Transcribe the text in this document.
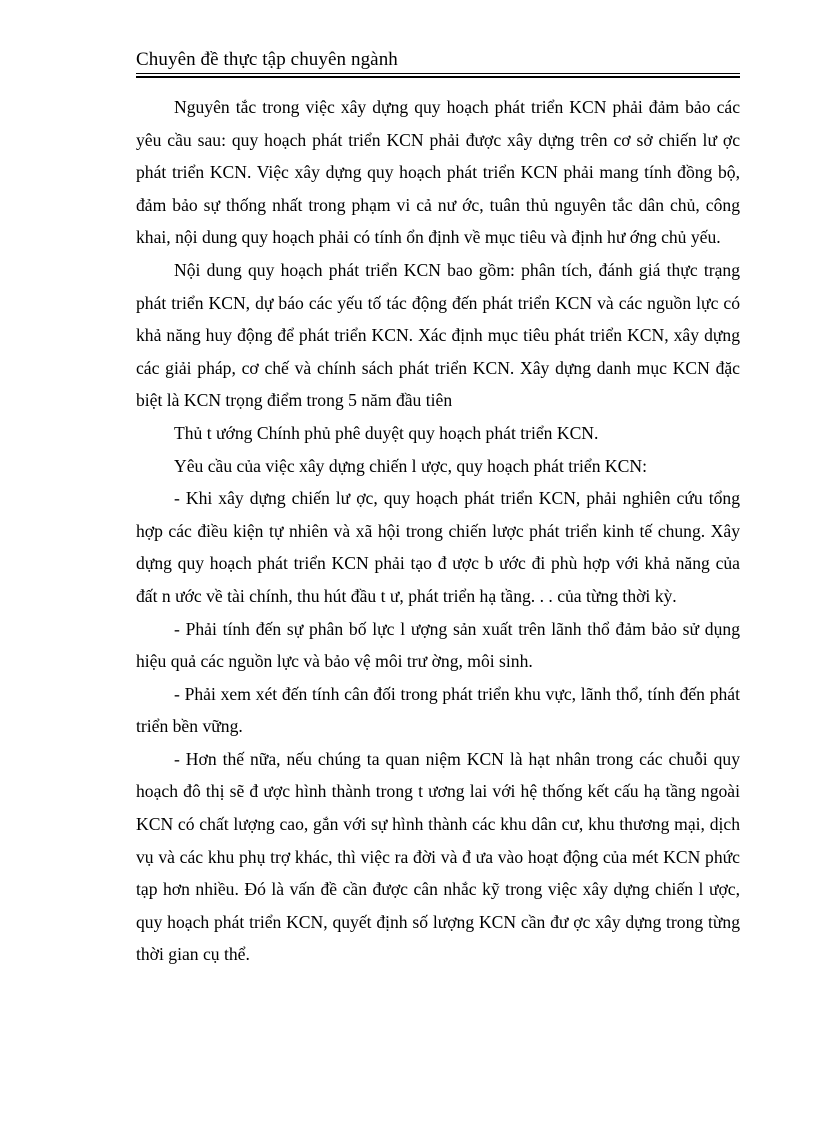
Chuyên đề thực tập chuyên ngành

Nguyên tắc trong việc xây dựng quy hoạch phát triển KCN phải đảm bảo các yêu cầu sau: quy hoạch phát triển KCN phải được xây dựng trên cơ sở chiến lư ợc phát triển KCN. Việc xây dựng quy hoạch phát triển KCN phải mang tính đồng bộ, đảm bảo sự thống nhất trong phạm vi cả nư ớc, tuân thủ nguyên tắc dân chủ, công khai, nội dung quy hoạch phải có tính ổn định về mục tiêu và định hư ớng chủ yếu.

Nội dung quy hoạch phát triển KCN bao gồm: phân tích, đánh giá thực trạng phát triển KCN, dự báo các yếu tố tác động đến phát triển KCN và các nguồn lực có khả năng huy động để phát triển KCN. Xác định mục tiêu phát triển KCN, xây dựng các giải pháp, cơ chế và chính sách phát triển KCN. Xây dựng danh mục KCN đặc biệt là KCN trọng điểm trong 5 năm đầu tiên

Thủ t ướng Chính phủ phê duyệt quy hoạch phát triển KCN.

Yêu cầu của việc xây dựng chiến l ược, quy hoạch phát triển KCN:

- Khi xây dựng chiến lư ợc, quy hoạch phát triển KCN, phải nghiên cứu tổng hợp các điều kiện tự nhiên và xã hội trong chiến lược phát triển kinh tế chung. Xây dựng quy hoạch phát triển KCN phải tạo đ ược b ước đi phù hợp với khả năng của đất n ước về tài chính, thu hút đầu t ư, phát triển hạ tầng. . . của từng thời kỳ.

- Phải tính đến sự phân bố lực l ượng sản xuất trên lãnh thổ đảm bảo sử dụng hiệu quả các nguồn lực và bảo vệ môi trư ờng, môi sinh.

- Phải xem xét đến tính cân đối trong phát triển khu vực, lãnh thổ, tính đến phát triển bền vững.

- Hơn thế nữa, nếu chúng ta quan niệm KCN là hạt nhân trong các chuỗi quy hoạch đô thị sẽ đ ược hình thành trong t ương lai với hệ thống kết cấu hạ tầng ngoài KCN có chất lượng cao, gắn với sự hình thành các khu dân cư, khu thương mại, dịch vụ và các khu phụ trợ khác, thì việc ra đời và đ ưa vào hoạt động của mét KCN phức tạp hơn nhiều. Đó là vấn đề cần được cân nhắc kỹ trong việc xây dựng chiến l ược, quy hoạch phát triển KCN, quyết định số lượng KCN cần đư ợc xây dựng trong từng thời gian cụ thể.
